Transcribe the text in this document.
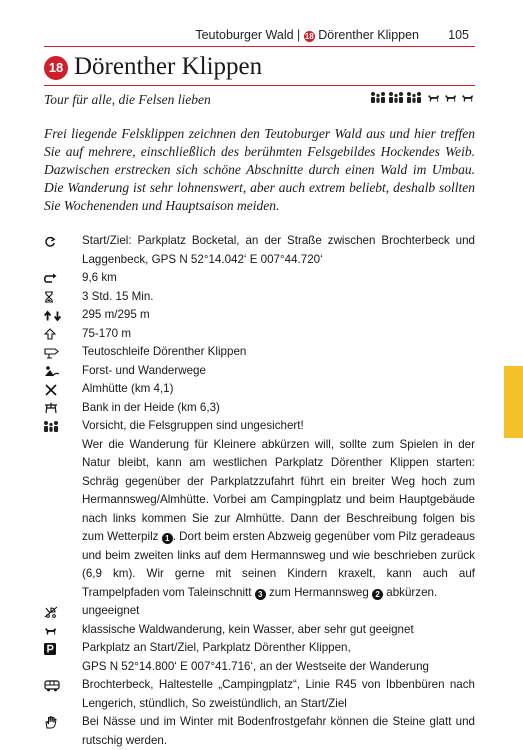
Teutoburger Wald | 18 Dörenther Klippen 105
18 Dörenther Klippen
Tour für alle, die Felsen lieben

Frei liegende Felsklippen zeichnen den Teutoburger Wald aus und hier treffen Sie auf mehrere, einschließlich des berühmten Felsgebildes Hockendes Weib. Dazwischen erstrecken sich schöne Abschnitte durch einen Wald im Umbau. Die Wanderung ist sehr lohnenswert, aber auch extrem beliebt, deshalb sollten Sie Wochenenden und Hauptsaison meiden.

Start/Ziel: Parkplatz Bocketal, an der Straße zwischen Brochterbeck und Laggenbeck, GPS N 52°14.042‘ E 007°44.720‘
9,6 km
3 Std. 15 Min.
295 m/295 m
75-170 m
Teutoschleife Dörenther Klippen
Forst- und Wanderwege
Almhütte (km 4,1)
Bank in der Heide (km 6,3)
Vorsicht, die Felsgruppen sind ungesichert!
Wer die Wanderung für Kleinere abkürzen will, sollte zum Spielen in der Natur bleibt, kann am westlichen Parkplatz Dörenther Klippen starten: Schräg gegenüber der Parkplatzzufahrt führt ein breiter Weg hoch zum Hermannsweg/Almhütte. Vorbei am Campingplatz und beim Hauptgebäude nach links kommen Sie zur Almhütte. Dann der Beschreibung folgen bis zum Wetterpilz 1 . Dort beim ersten Abzweig gegenüber vom Pilz geradeaus und beim zweiten links auf dem Hermannsweg und wie beschrieben zurück (6,9 km). Wir gerne mit seinen Kindern kraxelt, kann auch auf Trampelpfaden vom Taleinschnitt 3 zum Hermannsweg 2 abkürzen.
ungeeignet
klassische Waldwanderung, kein Wasser, aber sehr gut geeignet
Parkplatz an Start/Ziel, Parkplatz Dörenther Klippen,
GPS N 52°14.800‘ E 007°41.716‘, an der Westseite der Wanderung
Brochterbeck, Haltestelle „Campingplatz“, Linie R45 von Ibbenbüren nach Lengerich, stündlich, So zweistündlich, an Start/Ziel
Bei Nässe und im Winter mit Bodenfrostgefahr können die Steine glatt und rutschig werden.
